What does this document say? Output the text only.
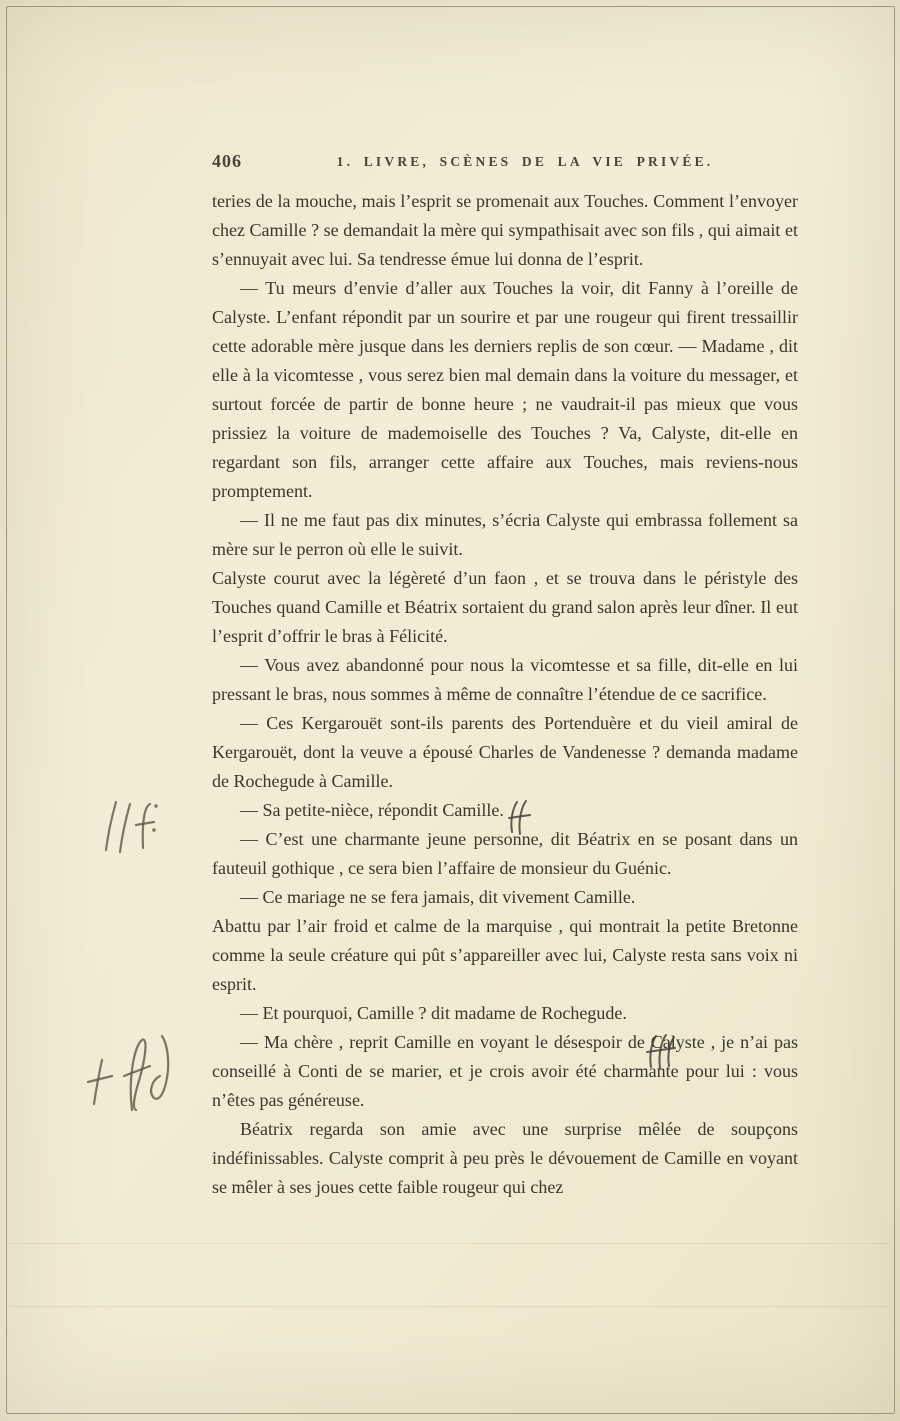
406	1. LIVRE, SCÈNES DE LA VIE PRIVÉE.

teries de la mouche, mais l’esprit se promenait aux Touches. Comment l’envoyer chez Camille ? se demandait la mère qui sympathisait avec son fils , qui aimait et s’ennuyait avec lui. Sa tendresse émue lui donna de l’esprit.

— Tu meurs d’envie d’aller aux Touches la voir, dit Fanny à l’oreille de Calyste. L’enfant répondit par un sourire et par une rougeur qui firent tressaillir cette adorable mère jusque dans les derniers replis de son cœur. — Madame , dit elle à la vicomtesse , vous serez bien mal demain dans la voiture du messager, et surtout forcée de partir de bonne heure ; ne vaudrait-il pas mieux que vous prissiez la voiture de mademoiselle des Touches ? Va, Calyste, dit-elle en regardant son fils, arranger cette affaire aux Touches, mais reviens-nous promptement.

— Il ne me faut pas dix minutes, s’écria Calyste qui embrassa follement sa mère sur le perron où elle le suivit.

Calyste courut avec la légèreté d’un faon , et se trouva dans le péristyle des Touches quand Camille et Béatrix sortaient du grand salon après leur dîner. Il eut l’esprit d’offrir le bras à Félicité.

— Vous avez abandonné pour nous la vicomtesse et sa fille, dit-elle en lui pressant le bras, nous sommes à même de connaître l’étendue de ce sacrifice.

— Ces Kergarouët sont-ils parents des Portenduère et du vieil amiral de Kergarouët, dont la veuve a épousé Charles de Vandenesse ? demanda madame de Rochegude à Camille.

— Sa petite-nièce, répondit Camille.

— C’est une charmante jeune personne, dit Béatrix en se posant dans un fauteuil gothique , ce sera bien l’affaire de monsieur du Guénic.

— Ce mariage ne se fera jamais, dit vivement Camille.

Abattu par l’air froid et calme de la marquise , qui montrait la petite Bretonne comme la seule créature qui pût s’appareiller avec lui, Calyste resta sans voix ni esprit.

— Et pourquoi, Camille ? dit madame de Rochegude.

— Ma chère , reprit Camille en voyant le désespoir de Calyste , je n’ai pas conseillé à Conti de se marier, et je crois avoir été charmante pour lui : vous n’êtes pas généreuse.

Béatrix regarda son amie avec une surprise mêlée de soupçons indéfinissables. Calyste comprit à peu près le dévouement de Camille en voyant se mêler à ses joues cette faible rougeur qui chez
